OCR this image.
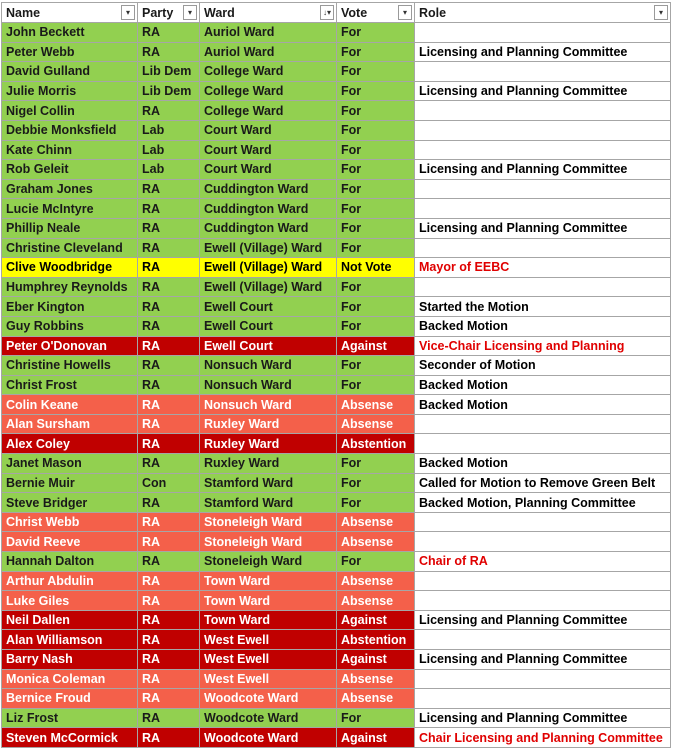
Name ▾	Party ▾	Ward ↓▾	Vote ▾	Role ▾

John Beckett	RA	Auriol Ward	For	
Peter Webb	RA	Auriol Ward	For	Licensing and Planning Committee
David Gulland	Lib Dem	College Ward	For	
Julie Morris	Lib Dem	College Ward	For	Licensing and Planning Committee
Nigel Collin	RA	College Ward	For	
Debbie Monksfield	Lab	Court Ward	For	
Kate Chinn	Lab	Court Ward	For	
Rob Geleit	Lab	Court Ward	For	Licensing and Planning Committee
Graham Jones	RA	Cuddington Ward	For	
Lucie McIntyre	RA	Cuddington Ward	For	
Phillip Neale	RA	Cuddington Ward	For	Licensing and Planning Committee
Christine Cleveland	RA	Ewell (Village) Ward	For	
Clive Woodbridge	RA	Ewell (Village) Ward	Not Vote	Mayor of EEBC
Humphrey Reynolds	RA	Ewell (Village) Ward	For	
Eber Kington	RA	Ewell Court	For	Started the Motion
Guy Robbins	RA	Ewell Court	For	Backed Motion
Peter O'Donovan	RA	Ewell Court	Against	Vice-Chair Licensing and Planning
Christine Howells	RA	Nonsuch Ward	For	Seconder of Motion
Christ Frost	RA	Nonsuch Ward	For	Backed Motion
Colin Keane	RA	Nonsuch Ward	Absense	Backed Motion
Alan Sursham	RA	Ruxley Ward	Absense	
Alex Coley	RA	Ruxley Ward	Abstention	
Janet Mason	RA	Ruxley Ward	For	Backed Motion
Bernie Muir	Con	Stamford Ward	For	Called for Motion to Remove Green Belt
Steve Bridger	RA	Stamford Ward	For	Backed Motion, Planning Committee
Christ Webb	RA	Stoneleigh Ward	Absense	
David Reeve	RA	Stoneleigh Ward	Absense	
Hannah Dalton	RA	Stoneleigh Ward	For	Chair of RA
Arthur Abdulin	RA	Town Ward	Absense	
Luke Giles	RA	Town Ward	Absense	
Neil Dallen	RA	Town Ward	Against	Licensing and Planning Committee
Alan Williamson	RA	West Ewell	Abstention	
Barry Nash	RA	West Ewell	Against	Licensing and Planning Committee
Monica Coleman	RA	West Ewell	Absense	
Bernice Froud	RA	Woodcote Ward	Absense	
Liz Frost	RA	Woodcote Ward	For	Licensing and Planning Committee
Steven McCormick	RA	Woodcote Ward	Against	Chair Licensing and Planning Committee
